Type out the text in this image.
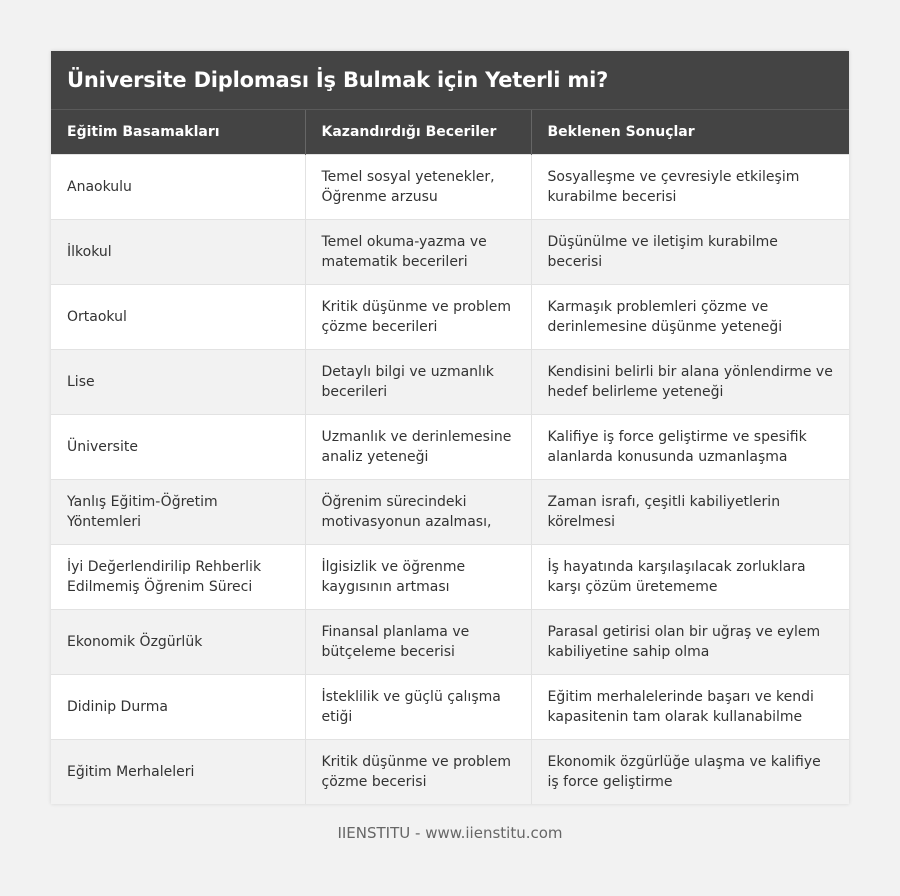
Üniversite Diploması İş Bulmak için Yeterli mi?
Eğitim Basamakları	Kazandırdığı Beceriler	Beklenen Sonuçlar
Anaokulu	Temel sosyal yetenekler, Öğrenme arzusu	Sosyalleşme ve çevresiyle etkileşim kurabilme becerisi
İlkokul	Temel okuma-yazma ve matematik becerileri	Düşünülme ve iletişim kurabilme becerisi
Ortaokul	Kritik düşünme ve problem çözme becerileri	Karmaşık problemleri çözme ve derinlemesine düşünme yeteneği
Lise	Detaylı bilgi ve uzmanlık becerileri	Kendisini belirli bir alana yönlendirme ve hedef belirleme yeteneği
Üniversite	Uzmanlık ve derinlemesine analiz yeteneği	Kalifiye iş force geliştirme ve spesifik alanlarda konusunda uzmanlaşma
Yanlış Eğitim-Öğretim Yöntemleri	Öğrenim sürecindeki motivasyonun azalması,	Zaman israfı, çeşitli kabiliyetlerin körelmesi
İyi Değerlendirilip Rehberlik Edilmemiş Öğrenim Süreci	İlgisizlik ve öğrenme kaygısının artması	İş hayatında karşılaşılacak zorluklara karşı çözüm üretememe
Ekonomik Özgürlük	Finansal planlama ve bütçeleme becerisi	Parasal getirisi olan bir uğraş ve eylem kabiliyetine sahip olma
Didinip Durma	İsteklilik ve güçlü çalışma etiği	Eğitim merhalelerinde başarı ve kendi kapasitenin tam olarak kullanabilme
Eğitim Merhaleleri	Kritik düşünme ve problem çözme becerisi	Ekonomik özgürlüğe ulaşma ve kalifiye iş force geliştirme
IIENSTITU - www.iienstitu.com
